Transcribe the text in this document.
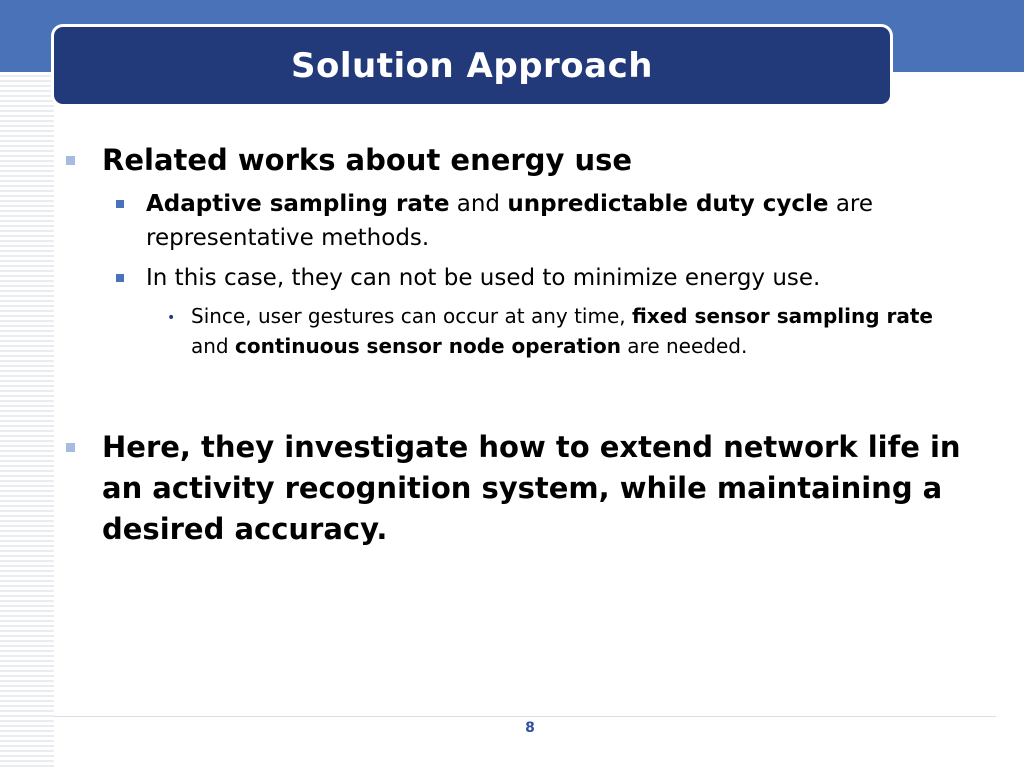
Solution Approach

Related works about energy use

Adaptive sampling rate and unpredictable duty cycle are representative methods.

In this case, they can not be used to minimize energy use.

• Since, user gestures can occur at any time, fixed sensor sampling rate and continuous sensor node operation are needed.

Here, they investigate how to extend network life in an activity recognition system, while maintaining a desired accuracy.

8
